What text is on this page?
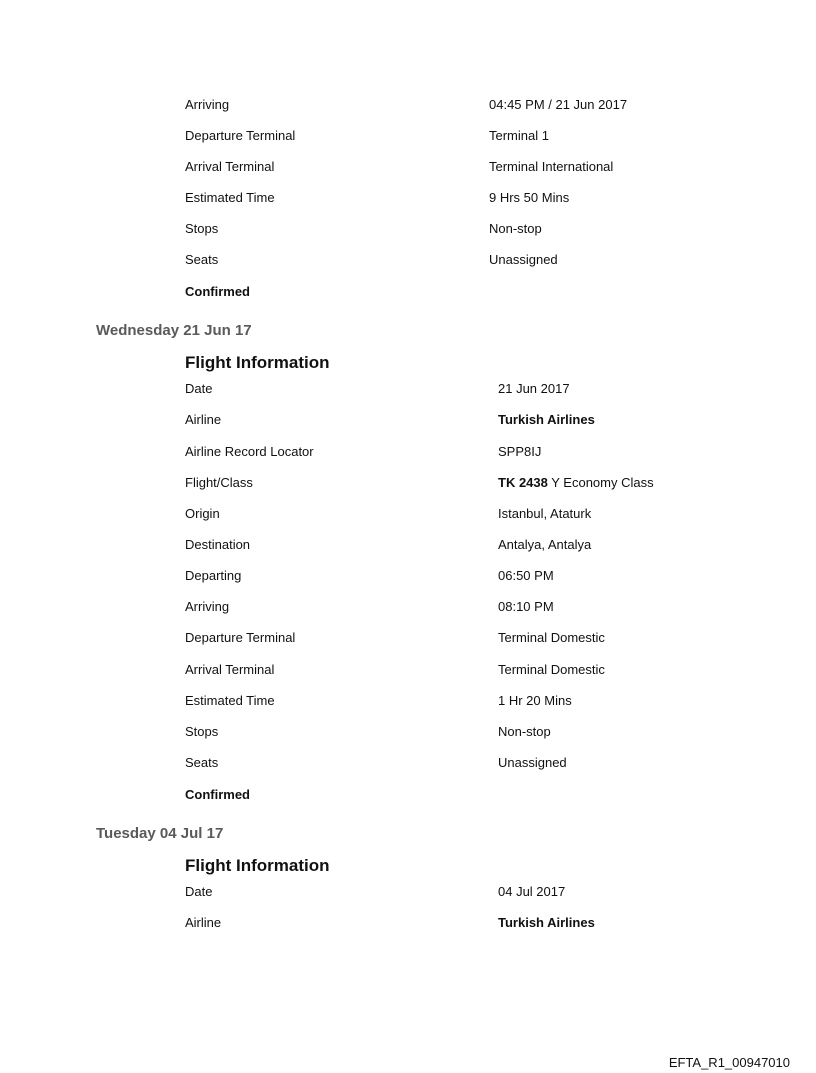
Arriving	04:45 PM / 21 Jun 2017
Departure Terminal	Terminal 1
Arrival Terminal	Terminal International
Estimated Time	9 Hrs 50 Mins
Stops	Non-stop
Seats	Unassigned
Confirmed
Wednesday 21 Jun 17
Flight Information
Date	21 Jun 2017
Airline	Turkish Airlines
Airline Record Locator	SPP8IJ
Flight/Class	TK 2438 Y Economy Class
Origin	Istanbul, Ataturk
Destination	Antalya, Antalya
Departing	06:50 PM
Arriving	08:10 PM
Departure Terminal	Terminal Domestic
Arrival Terminal	Terminal Domestic
Estimated Time	1 Hr 20 Mins
Stops	Non-stop
Seats	Unassigned
Confirmed
Tuesday 04 Jul 17
Flight Information
Date	04 Jul 2017
Airline	Turkish Airlines
EFTA_R1_00947010
